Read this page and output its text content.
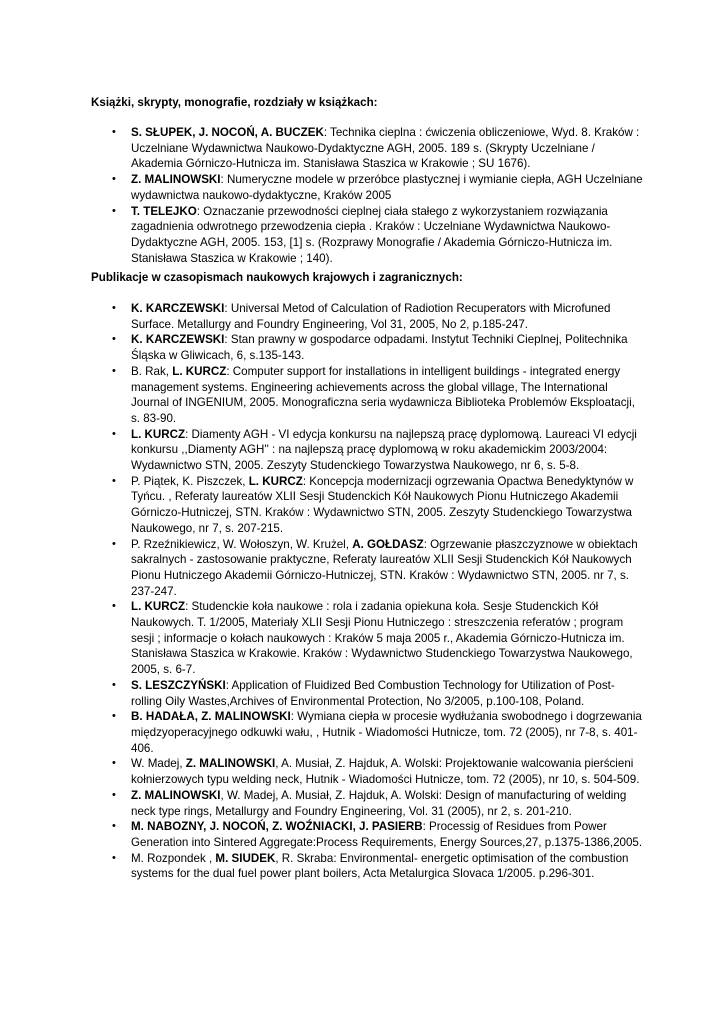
Książki, skrypty, monografie, rozdziały w książkach:

• S. SŁUPEK, J. NOCOŃ, A. BUCZEK: Technika cieplna : ćwiczenia obliczeniowe, Wyd. 8. Kraków : Uczelniane Wydawnictwa Naukowo-Dydaktyczne AGH, 2005. 189 s. (Skrypty Uczelniane / Akademia Górniczo-Hutnicza im. Stanisława Staszica w Krakowie ; SU 1676).
• Z. MALINOWSKI: Numeryczne modele w przeróbce plastycznej i wymianie ciepła, AGH Uczelniane wydawnictwa naukowo-dydaktyczne, Kraków 2005
• T. TELEJKO: Oznaczanie przewodności cieplnej ciała stałego z wykorzystaniem rozwiązania zagadnienia odwrotnego przewodzenia ciepła . Kraków : Uczelniane Wydawnictwa Naukowo-Dydaktyczne AGH, 2005. 153, [1] s. (Rozprawy Monografie / Akademia Górniczo-Hutnicza im. Stanisława Staszica w Krakowie ; 140).

Publikacje w czasopismach naukowych krajowych i zagranicznych:

• K. KARCZEWSKI: Universal Metod of Calculation of Radiotion Recuperators with Microfuned Surface. Metallurgy and Foundry Engineering, Vol 31, 2005, No 2, p.185-247.
• K. KARCZEWSKI: Stan prawny w gospodarce odpadami. Instytut Techniki Cieplnej, Politechnika Śląska w Gliwicach, 6, s.135-143.
• B. Rak, L. KURCZ: Computer support for installations in intelligent buildings - integrated energy management systems. Engineering achievements across the global village, The International Journal of INGENIUM, 2005. Monograficzna seria wydawnicza Biblioteka Problemów Eksploatacji, s. 83-90.
• L. KURCZ: Diamenty AGH - VI edycja konkursu na najlepszą pracę dyplomową. Laureaci VI edycji konkursu ,,Diamenty AGH'' : na najlepszą pracę dyplomową w roku akademickim 2003/2004: Wydawnictwo STN, 2005. Zeszyty Studenckiego Towarzystwa Naukowego, nr 6, s. 5-8.
• P. Piątek, K. Piszczek, L. KURCZ: Koncepcja modernizacji ogrzewania Opactwa Benedyktynów w Tyńcu. , Referaty laureatów XLII Sesji Studenckich Kół Naukowych Pionu Hutniczego Akademii Górniczo-Hutniczej, STN. Kraków : Wydawnictwo STN, 2005. Zeszyty Studenckiego Towarzystwa Naukowego, nr 7, s. 207-215.
• P. Rzeźnikiewicz, W. Wołoszyn, W. Krużel, A. GOŁDASZ: Ogrzewanie płaszczyznowe w obiektach sakralnych - zastosowanie praktyczne, Referaty laureatów XLII Sesji Studenckich Kół Naukowych Pionu Hutniczego Akademii Górniczo-Hutniczej, STN. Kraków : Wydawnictwo STN, 2005. nr 7, s. 237-247.
• L. KURCZ: Studenckie koła naukowe : rola i zadania opiekuna koła. Sesje Studenckich Kół Naukowych. T. 1/2005, Materiały XLII Sesji Pionu Hutniczego : streszczenia referatów ; program sesji ; informacje o kołach naukowych : Kraków 5 maja 2005 r., Akademia Górniczo-Hutnicza im. Stanisława Staszica w Krakowie. Kraków : Wydawnictwo Studenckiego Towarzystwa Naukowego, 2005, s. 6-7.
• S. LESZCZYŃSKI: Application of Fluidized Bed Combustion Technology for Utilization of Post-rolling Oily Wastes,Archives of Environmental Protection, No 3/2005, p.100-108, Poland.
• B. HADAŁA, Z. MALINOWSKI: Wymiana ciepła w procesie wydłużania swobodnego i dogrzewania międzyoperacyjnego odkuwki wału, , Hutnik - Wiadomości Hutnicze, tom. 72 (2005), nr 7-8, s. 401-406.
• W. Madej, Z. MALINOWSKI, A. Musiał, Z. Hajduk, A. Wolski: Projektowanie walcowania pierścieni kołnierzowych typu welding neck, Hutnik - Wiadomości Hutnicze, tom. 72 (2005), nr 10, s. 504-509.
• Z. MALINOWSKI, W. Madej, A. Musiał, Z. Hajduk, A. Wolski: Design of manufacturing of welding neck type rings, Metallurgy and Foundry Engineering, Vol. 31 (2005), nr 2, s. 201-210.
• M. NABOZNY, J. NOCOŃ, Z. WOŹNIACKI, J. PASIERB: Processig of Residues from Power Generation into Sintered Aggregate:Process Requirements, Energy Sources,27, p.1375-1386,2005.
• M. Rozpondek , M. SIUDEK, R. Skraba: Environmental- energetic optimisation of the combustion systems for the dual fuel power plant boilers, Acta Metalurgica Slovaca 1/2005. p.296-301.
